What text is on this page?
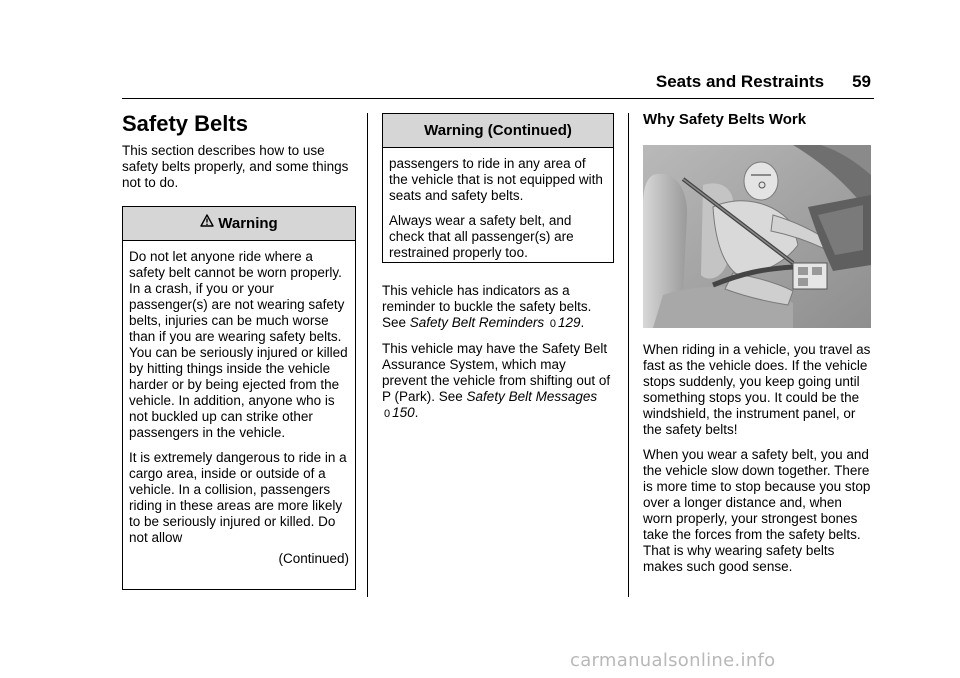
Seats and Restraints 59
Safety Belts

This section describes how to use safety belts properly, and some things not to do.

Warning

Do not let anyone ride where a safety belt cannot be worn properly. In a crash, if you or your passenger(s) are not wearing safety belts, injuries can be much worse than if you are wearing safety belts. You can be seriously injured or killed by hitting things inside the vehicle harder or by being ejected from the vehicle. In addition, anyone who is not buckled up can strike other passengers in the vehicle.

It is extremely dangerous to ride in a cargo area, inside or outside of a vehicle. In a collision, passengers riding in these areas are more likely to be seriously injured or killed. Do not allow

(Continued)
Warning (Continued)

passengers to ride in any area of the vehicle that is not equipped with seats and safety belts.

Always wear a safety belt, and check that all passenger(s) are restrained properly too.

This vehicle has indicators as a reminder to buckle the safety belts. See Safety Belt Reminders 0 129.

This vehicle may have the Safety Belt Assurance System, which may prevent the vehicle from shifting out of P (Park). See Safety Belt Messages 0 150.

Why Safety Belts Work

When riding in a vehicle, you travel as fast as the vehicle does. If the vehicle stops suddenly, you keep going until something stops you. It could be the windshield, the instrument panel, or the safety belts!

When you wear a safety belt, you and the vehicle slow down together. There is more time to stop because you stop over a longer distance and, when worn properly, your strongest bones take the forces from the safety belts. That is why wearing safety belts makes such good sense.

carmanualsonline.info
